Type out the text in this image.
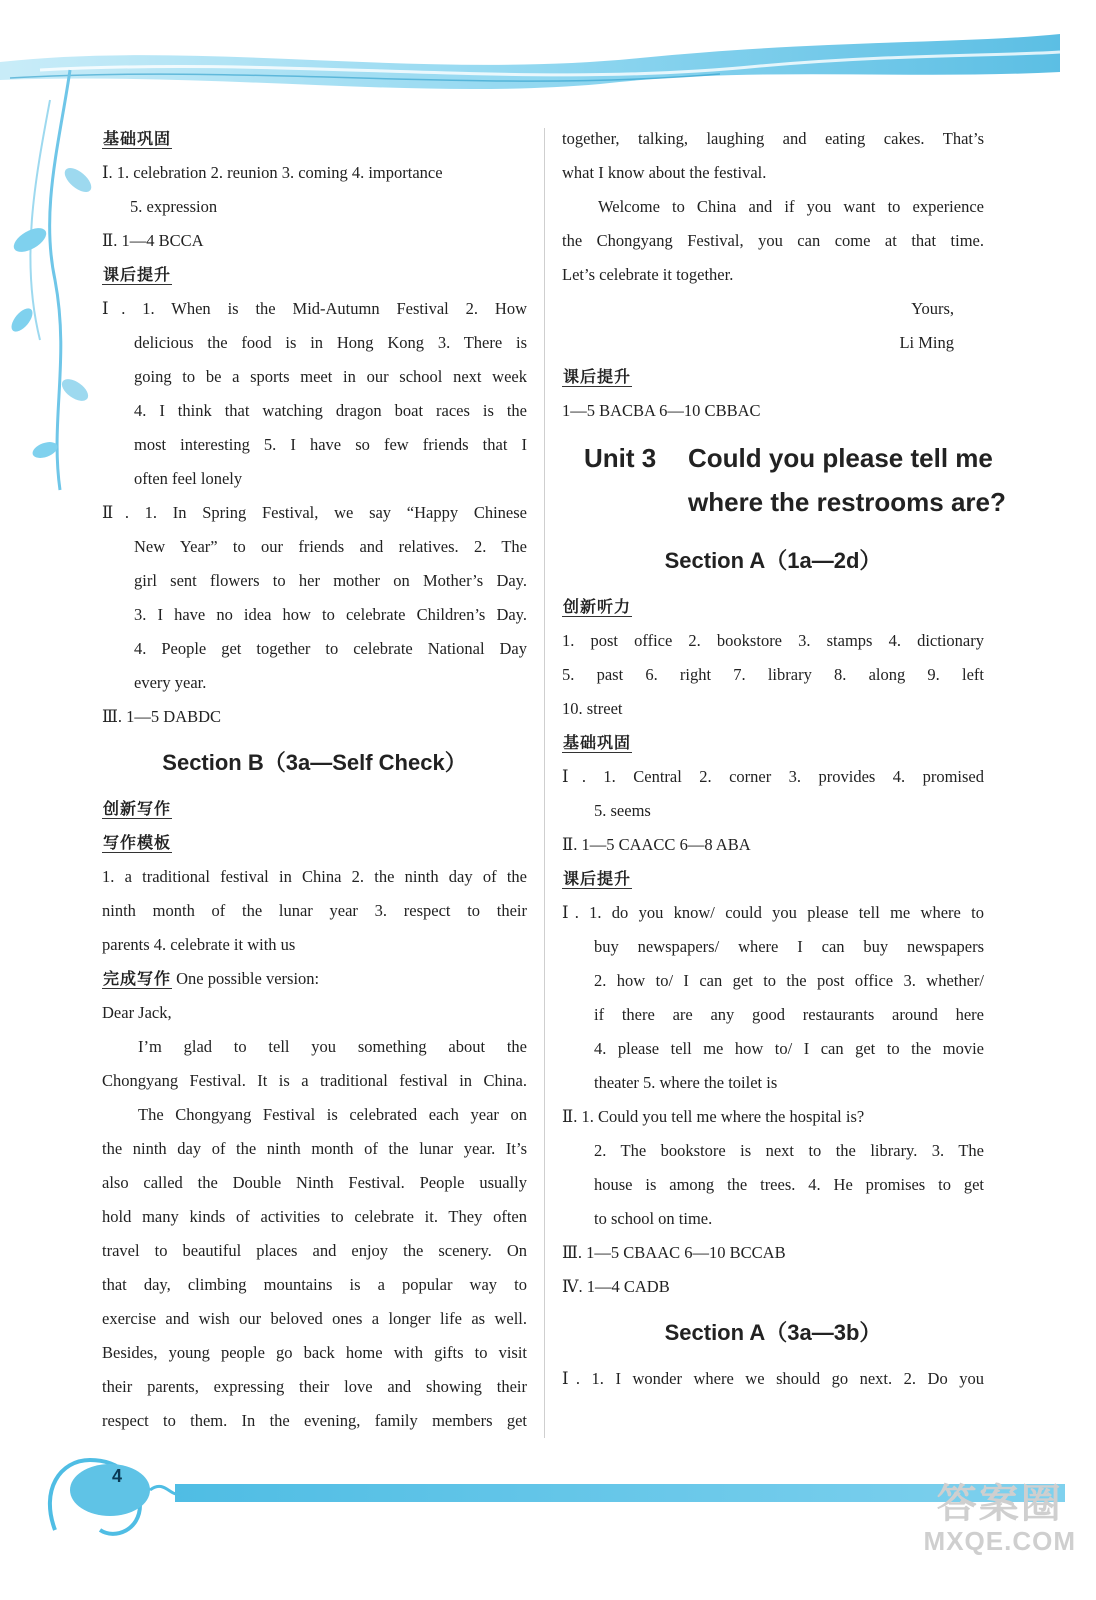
基础巩固
Ⅰ. 1. celebration 2. reunion 3. coming 4. importance
5. expression
Ⅱ. 1—4 BCCA
课后提升
Ⅰ. 1. When is the Mid-Autumn Festival 2. How
delicious the food is in Hong Kong 3. There is
going to be a sports meet in our school next week
4. I think that watching dragon boat races is the
most interesting 5. I have so few friends that I
often feel lonely
Ⅱ. 1. In Spring Festival, we say “Happy Chinese
New Year” to our friends and relatives. 2. The
girl sent flowers to her mother on Mother’s Day.
3. I have no idea how to celebrate Children’s Day.
4. People get together to celebrate National Day
every year.
Ⅲ. 1—5 DABDC
Section B（3a—Self Check）
创新写作
写作模板
1. a traditional festival in China 2. the ninth day of the
ninth month of the lunar year 3. respect to their
parents 4. celebrate it with us
完成写作 One possible version:
Dear Jack,
I’m glad to tell you something about the
Chongyang Festival. It is a traditional festival in China.
The Chongyang Festival is celebrated each year on
the ninth day of the ninth month of the lunar year. It’s
also called the Double Ninth Festival. People usually
hold many kinds of activities to celebrate it. They often
travel to beautiful places and enjoy the scenery. On
that day, climbing mountains is a popular way to
exercise and wish our beloved ones a longer life as well.
Besides, young people go back home with gifts to visit
their parents, expressing their love and showing their
respect to them. In the evening, family members get
together, talking, laughing and eating cakes. That’s
what I know about the festival.
Welcome to China and if you want to experience
the Chongyang Festival, you can come at that time.
Let’s celebrate it together.
Yours,
Li Ming
课后提升
1—5 BACBA 6—10 CBBAC
Unit 3 Could you please tell me
where the restrooms are?
Section A（1a—2d）
创新听力
1. post office 2. bookstore 3. stamps 4. dictionary
5. past 6. right 7. library 8. along 9. left
10. street
基础巩固
Ⅰ. 1. Central 2. corner 3. provides 4. promised
5. seems
Ⅱ. 1—5 CAACC 6—8 ABA
课后提升
Ⅰ. 1. do you know/ could you please tell me where to
buy newspapers/ where I can buy newspapers
2. how to/ I can get to the post office 3. whether/
if there are any good restaurants around here
4. please tell me how to/ I can get to the movie
theater 5. where the toilet is
Ⅱ. 1. Could you tell me where the hospital is?
2. The bookstore is next to the library. 3. The
house is among the trees. 4. He promises to get
to school on time.
Ⅲ. 1—5 CBAAC 6—10 BCCAB
Ⅳ. 1—4 CADB
Section A（3a—3b）
Ⅰ. 1. I wonder where we should go next. 2. Do you
4
答案圈
MXQE.COM
